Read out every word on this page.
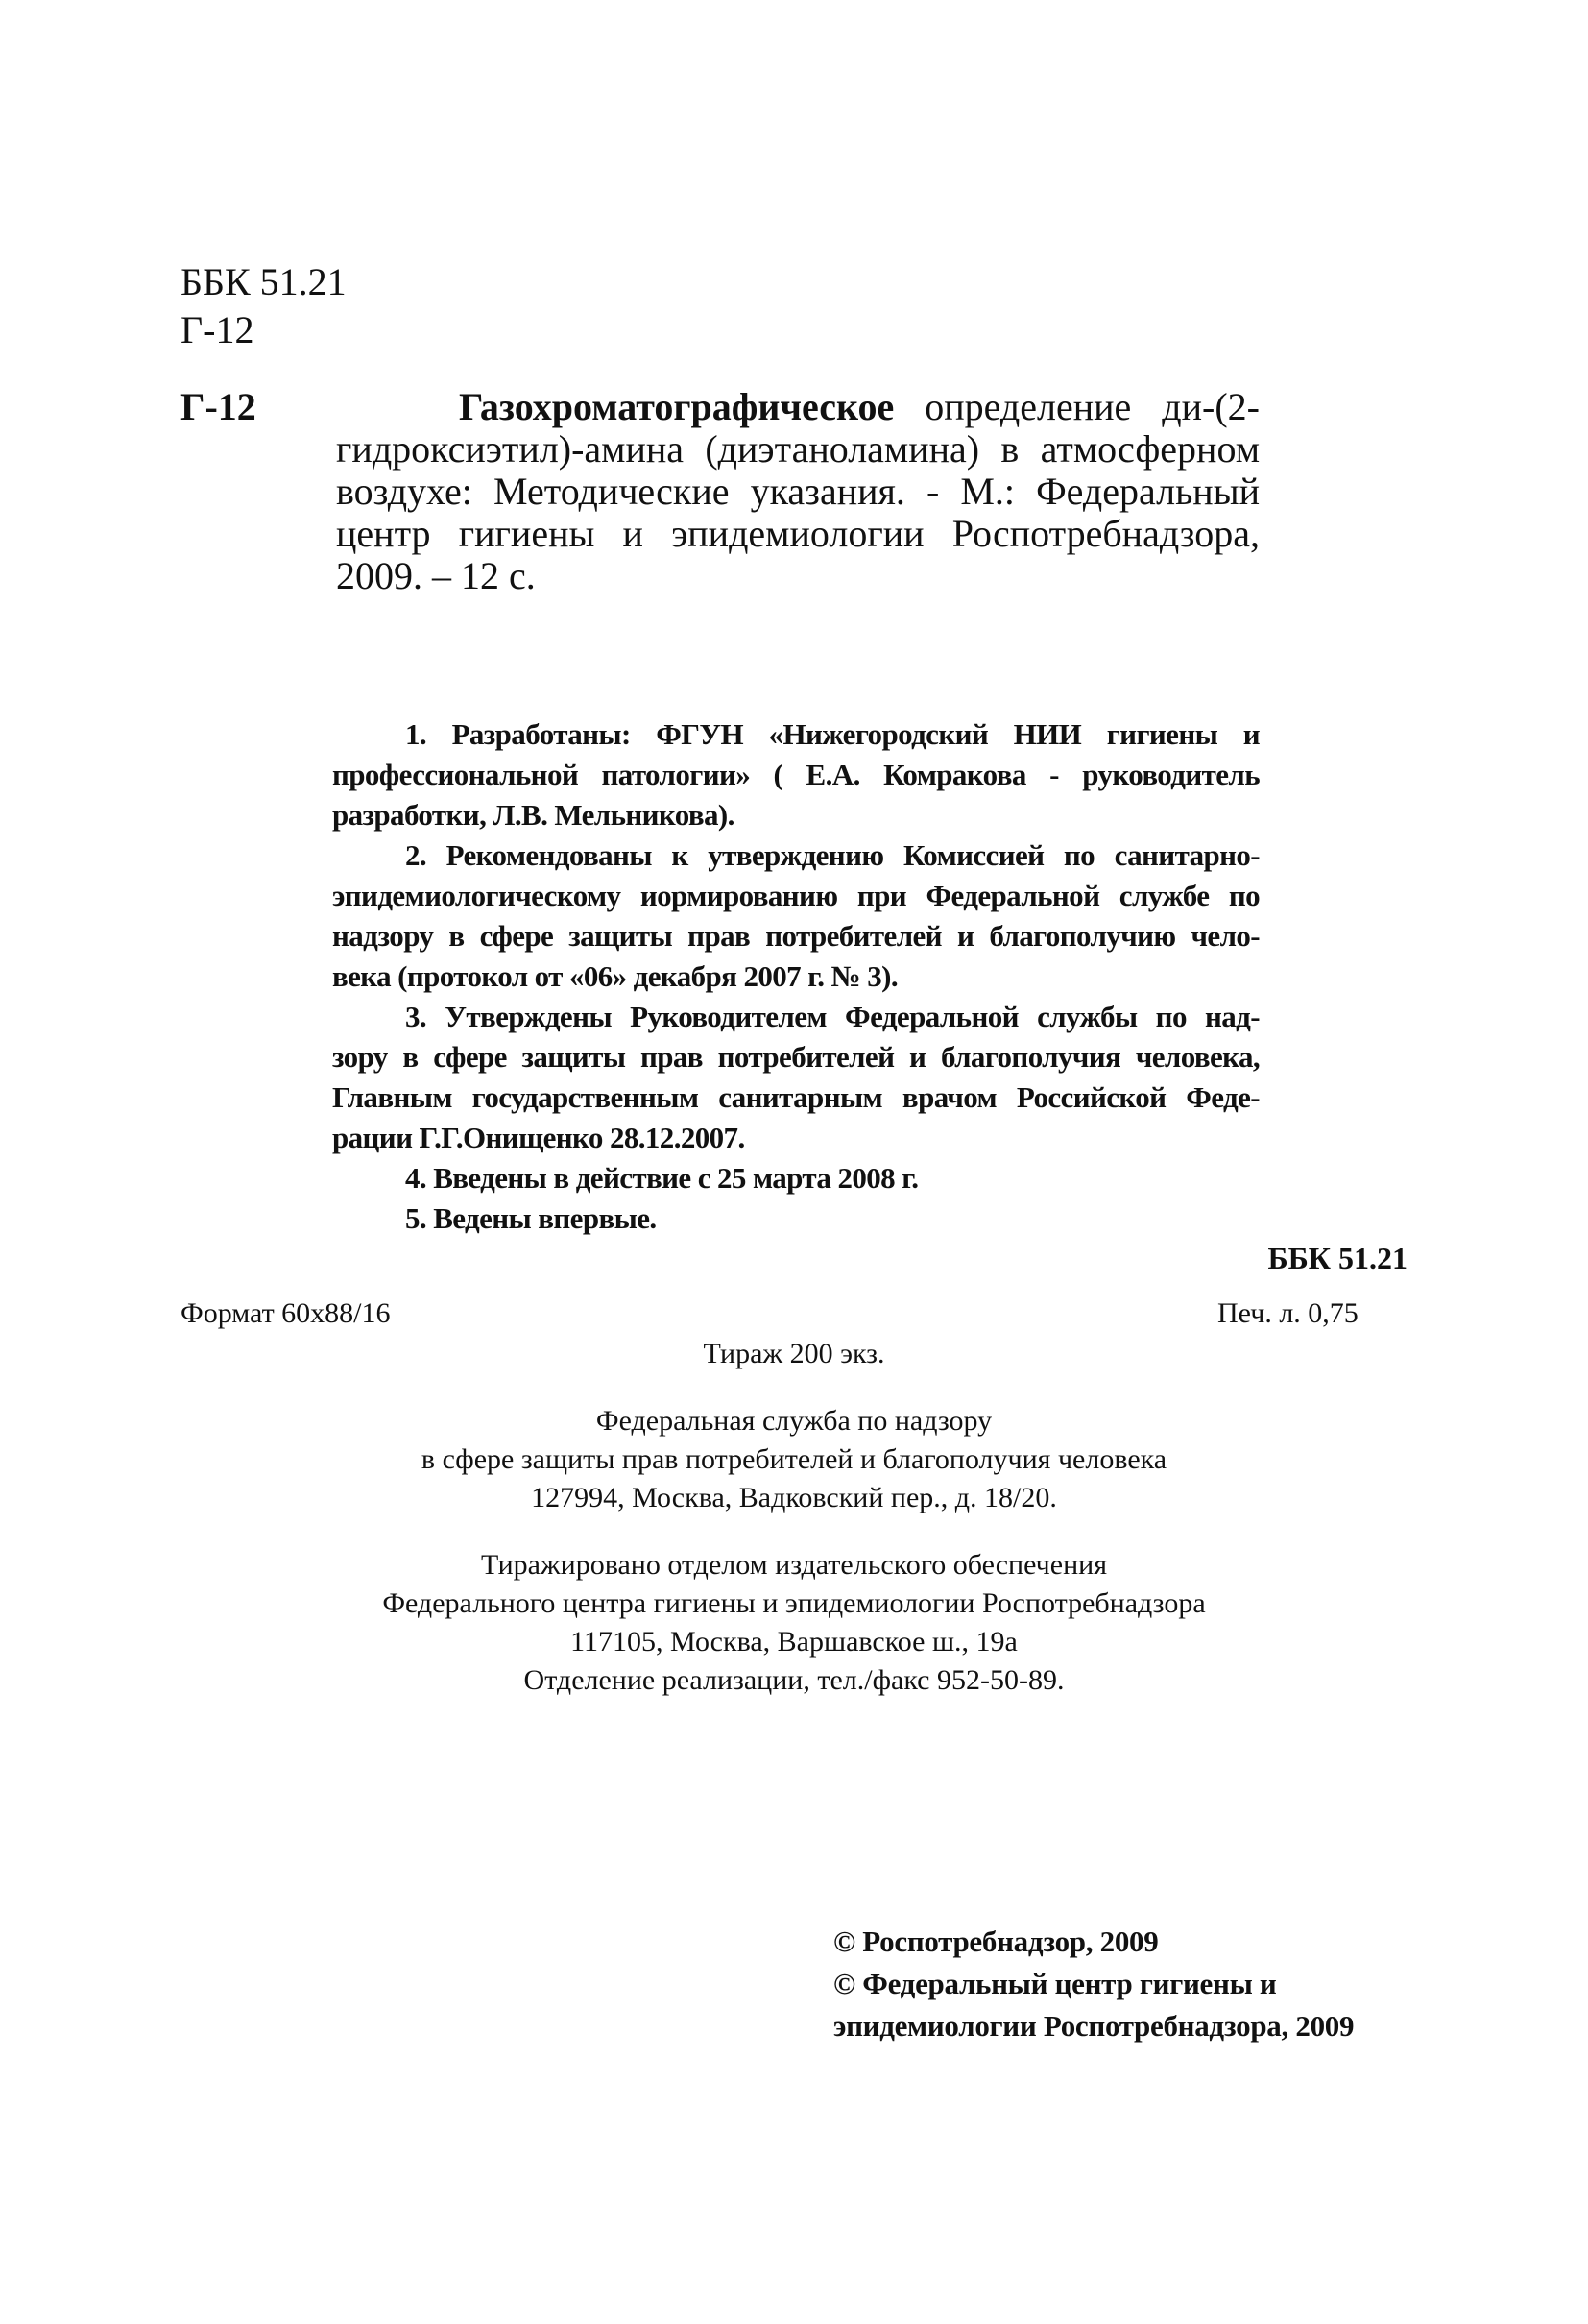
ББК 51.21
Г-12
Г-12	Газохроматографическое определение ди-(2-
гидроксиэтил)-амина (диэтаноламина) в атмосферном
воздухе: Методические указания. - М.: Федеральный
центр гигиены и эпидемиологии Роспотребнадзора,
2009. – 12 с.
1. Разработаны: ФГУН «Нижегородский НИИ гигиены и
профессиональной патологии» ( Е.А. Комракова - руководитель
разработки, Л.В. Мельникова).
2. Рекомендованы к утверждению Комиссией по санитарно-
эпидемиологическому иормированию при Федеральной службе по
надзору в сфере защиты прав потребителей и благополучию чело-
века (протокол от «06» декабря 2007 г. № 3).
3. Утверждены Руководителем Федеральной службы по над-
зору в сфере защиты прав потребителей и благополучия человека,
Главным государственным санитарным врачом Российской Феде-
рации Г.Г.Онищенко 28.12.2007.
4. Введены в действие с 25 марта 2008 г.
5. Ведены впервые.
ББК 51.21
Формат 60х88/16	Печ. л. 0,75
Тираж 200 экз.
Федеральная служба по надзору
в сфере защиты прав потребителей и благополучия человека
127994, Москва, Вадковский пер., д. 18/20.
Тиражировано отделом издательского обеспечения
Федерального центра гигиены и эпидемиологии Роспотребнадзора
117105, Москва, Варшавское ш., 19а
Отделение реализации, тел./факс 952-50-89.
© Роспотребнадзор, 2009
© Федеральный центр гигиены и
эпидемиологии Роспотребнадзора, 2009
